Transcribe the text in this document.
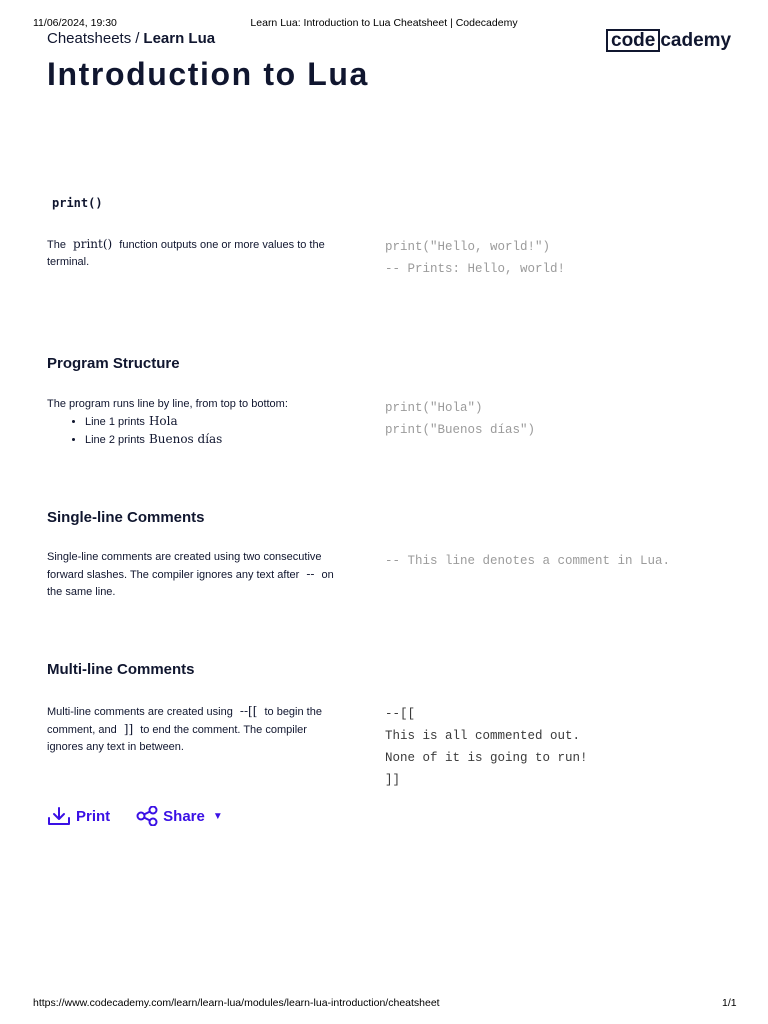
11/06/2024, 19:30	Learn Lua: Introduction to Lua Cheatsheet | Codecademy
Cheatsheets / Learn Lua	code cademy
Introduction to Lua
print()

The print() function outputs one or more values to the terminal.

print("Hello, world!")
-- Prints: Hello, world!
Program Structure
The program runs line by line, from top to bottom:
• Line 1 prints Hola
• Line 2 prints Buenos días
print("Hola")
print("Buenos días")
Single-line Comments

Single-line comments are created using two consecutive forward slashes. The compiler ignores any text after -- on the same line.

-- This line denotes a comment in Lua.
Multi-line Comments

Multi-line comments are created using --[[ to begin the comment, and ]] to end the comment. The compiler ignores any text in between.

--[[
This is all commented out.
None of it is going to run!
]]
Print	Share ▼
https://www.codecademy.com/learn/learn-lua/modules/learn-lua-introduction/cheatsheet	1/1
